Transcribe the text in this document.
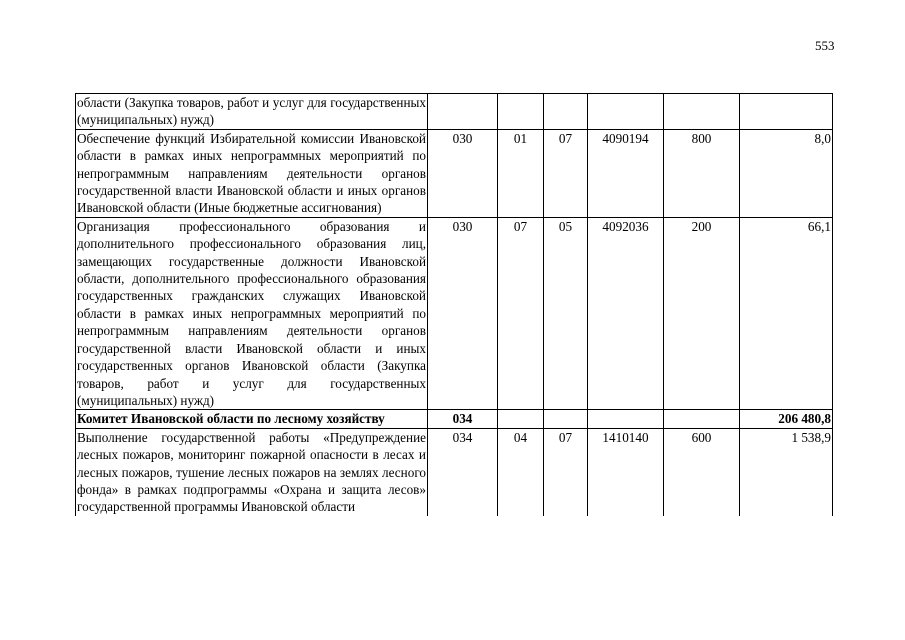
553
области (Закупка товаров, работ и услуг для государственных (муниципальных) нужд)						
Обеспечение функций Избирательной комиссии Ивановской области в рамках иных непрограммных мероприятий по непрограммным направлениям деятельности органов государственной власти Ивановской области и иных органов Ивановской области (Иные бюджетные ассигнования)	030	01	07	4090194	800	8,0
Организация профессионального образования и дополнительного профессионального образования лиц, замещающих государственные должности Ивановской области, дополнительного профессионального образования государственных гражданских служащих Ивановской области в рамках иных непрограммных мероприятий по непрограммным направлениям деятельности органов государственной власти Ивановской области и иных государственных органов Ивановской области (Закупка товаров, работ и услуг для государственных (муниципальных) нужд)	030	07	05	4092036	200	66,1
Комитет Ивановской области по лесному хозяйству	034					206 480,8
Выполнение государственной работы «Предупреждение лесных пожаров, мониторинг пожарной опасности в лесах и лесных пожаров, тушение лесных пожаров на землях лесного фонда» в рамках подпрограммы «Охрана и защита лесов» государственной программы Ивановской области	034	04	07	1410140	600	1 538,9
